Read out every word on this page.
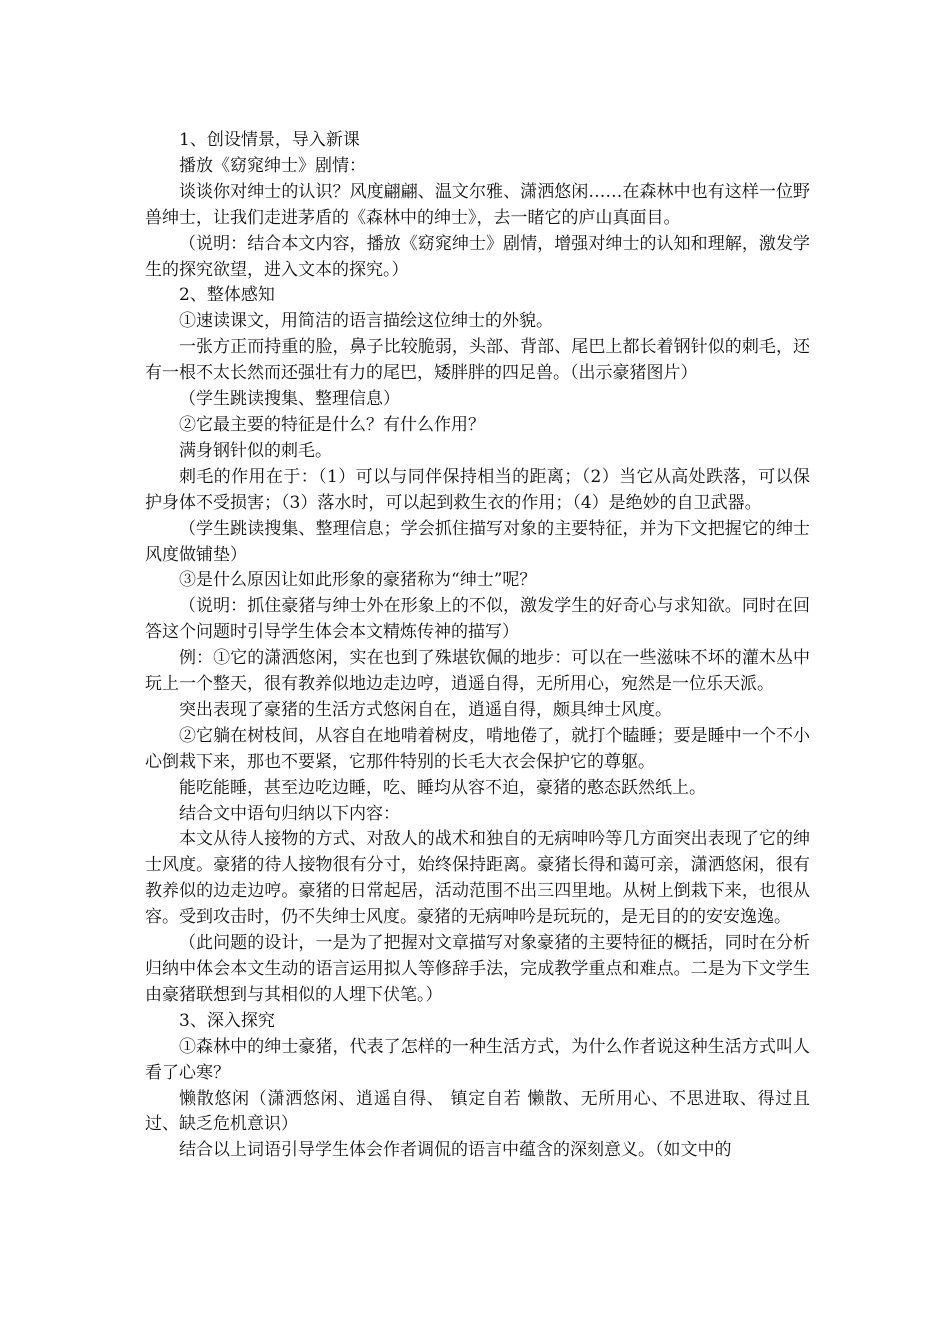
1、创设情景，导入新课

播放《窈窕绅士》剧情：

谈谈你对绅士的认识？风度翩翩、温文尔雅、潇洒悠闲……在森林中也有这样一位野兽绅士，让我们走进茅盾的《森林中的绅士》，去一睹它的庐山真面目。

（说明：结合本文内容，播放《窈窕绅士》剧情，增强对绅士的认知和理解，激发学生的探究欲望，进入文本的探究。）

2、整体感知

①速读课文，用简洁的语言描绘这位绅士的外貌。

一张方正而持重的脸，鼻子比较脆弱，头部、背部、尾巴上都长着钢针似的刺毛，还有一根不太长然而还强壮有力的尾巴，矮胖胖的四足兽。（出示豪猪图片）

（学生跳读搜集、整理信息）

②它最主要的特征是什么？有什么作用？

满身钢针似的刺毛。

刺毛的作用在于：（1）可以与同伴保持相当的距离；（2）当它从高处跌落，可以保护身体不受损害；（3）落水时，可以起到救生衣的作用；（4）是绝妙的自卫武器。

（学生跳读搜集、整理信息；学会抓住描写对象的主要特征，并为下文把握它的绅士风度做铺垫）

③是什么原因让如此形象的豪猪称为“绅士”呢？

（说明：抓住豪猪与绅士外在形象上的不似，激发学生的好奇心与求知欲。同时在回答这个问题时引导学生体会本文精炼传神的描写）

例：①它的潇洒悠闲，实在也到了殊堪钦佩的地步：可以在一些滋味不坏的灌木丛中玩上一个整天，很有教养似地边走边哼，逍遥自得，无所用心，宛然是一位乐天派。

突出表现了豪猪的生活方式悠闲自在，逍遥自得，颇具绅士风度。

②它躺在树枝间，从容自在地啃着树皮，啃地倦了，就打个瞌睡；要是睡中一个不小心倒栽下来，那也不要紧，它那件特别的长毛大衣会保护它的尊躯。

能吃能睡，甚至边吃边睡，吃、睡均从容不迫，豪猪的憨态跃然纸上。

结合文中语句归纳以下内容：

本文从待人接物的方式、对敌人的战术和独自的无病呻吟等几方面突出表现了它的绅士风度。豪猪的待人接物很有分寸，始终保持距离。豪猪长得和蔼可亲，潇洒悠闲，很有教养似的边走边哼。豪猪的日常起居，活动范围不出三四里地。从树上倒栽下来，也很从容。受到攻击时，仍不失绅士风度。豪猪的无病呻吟是玩玩的，是无目的的安安逸逸。

（此问题的设计，一是为了把握对文章描写对象豪猪的主要特征的概括，同时在分析归纳中体会本文生动的语言运用拟人等修辞手法，完成教学重点和难点。二是为下文学生由豪猪联想到与其相似的人埋下伏笔。）

3、深入探究

①森林中的绅士豪猪，代表了怎样的一种生活方式，为什么作者说这种生活方式叫人看了心寒？

懒散悠闲（潇洒悠闲、逍遥自得、 镇定自若 懒散、无所用心、不思进取、得过且过、缺乏危机意识）

结合以上词语引导学生体会作者调侃的语言中蕴含的深刻意义。（如文中的
